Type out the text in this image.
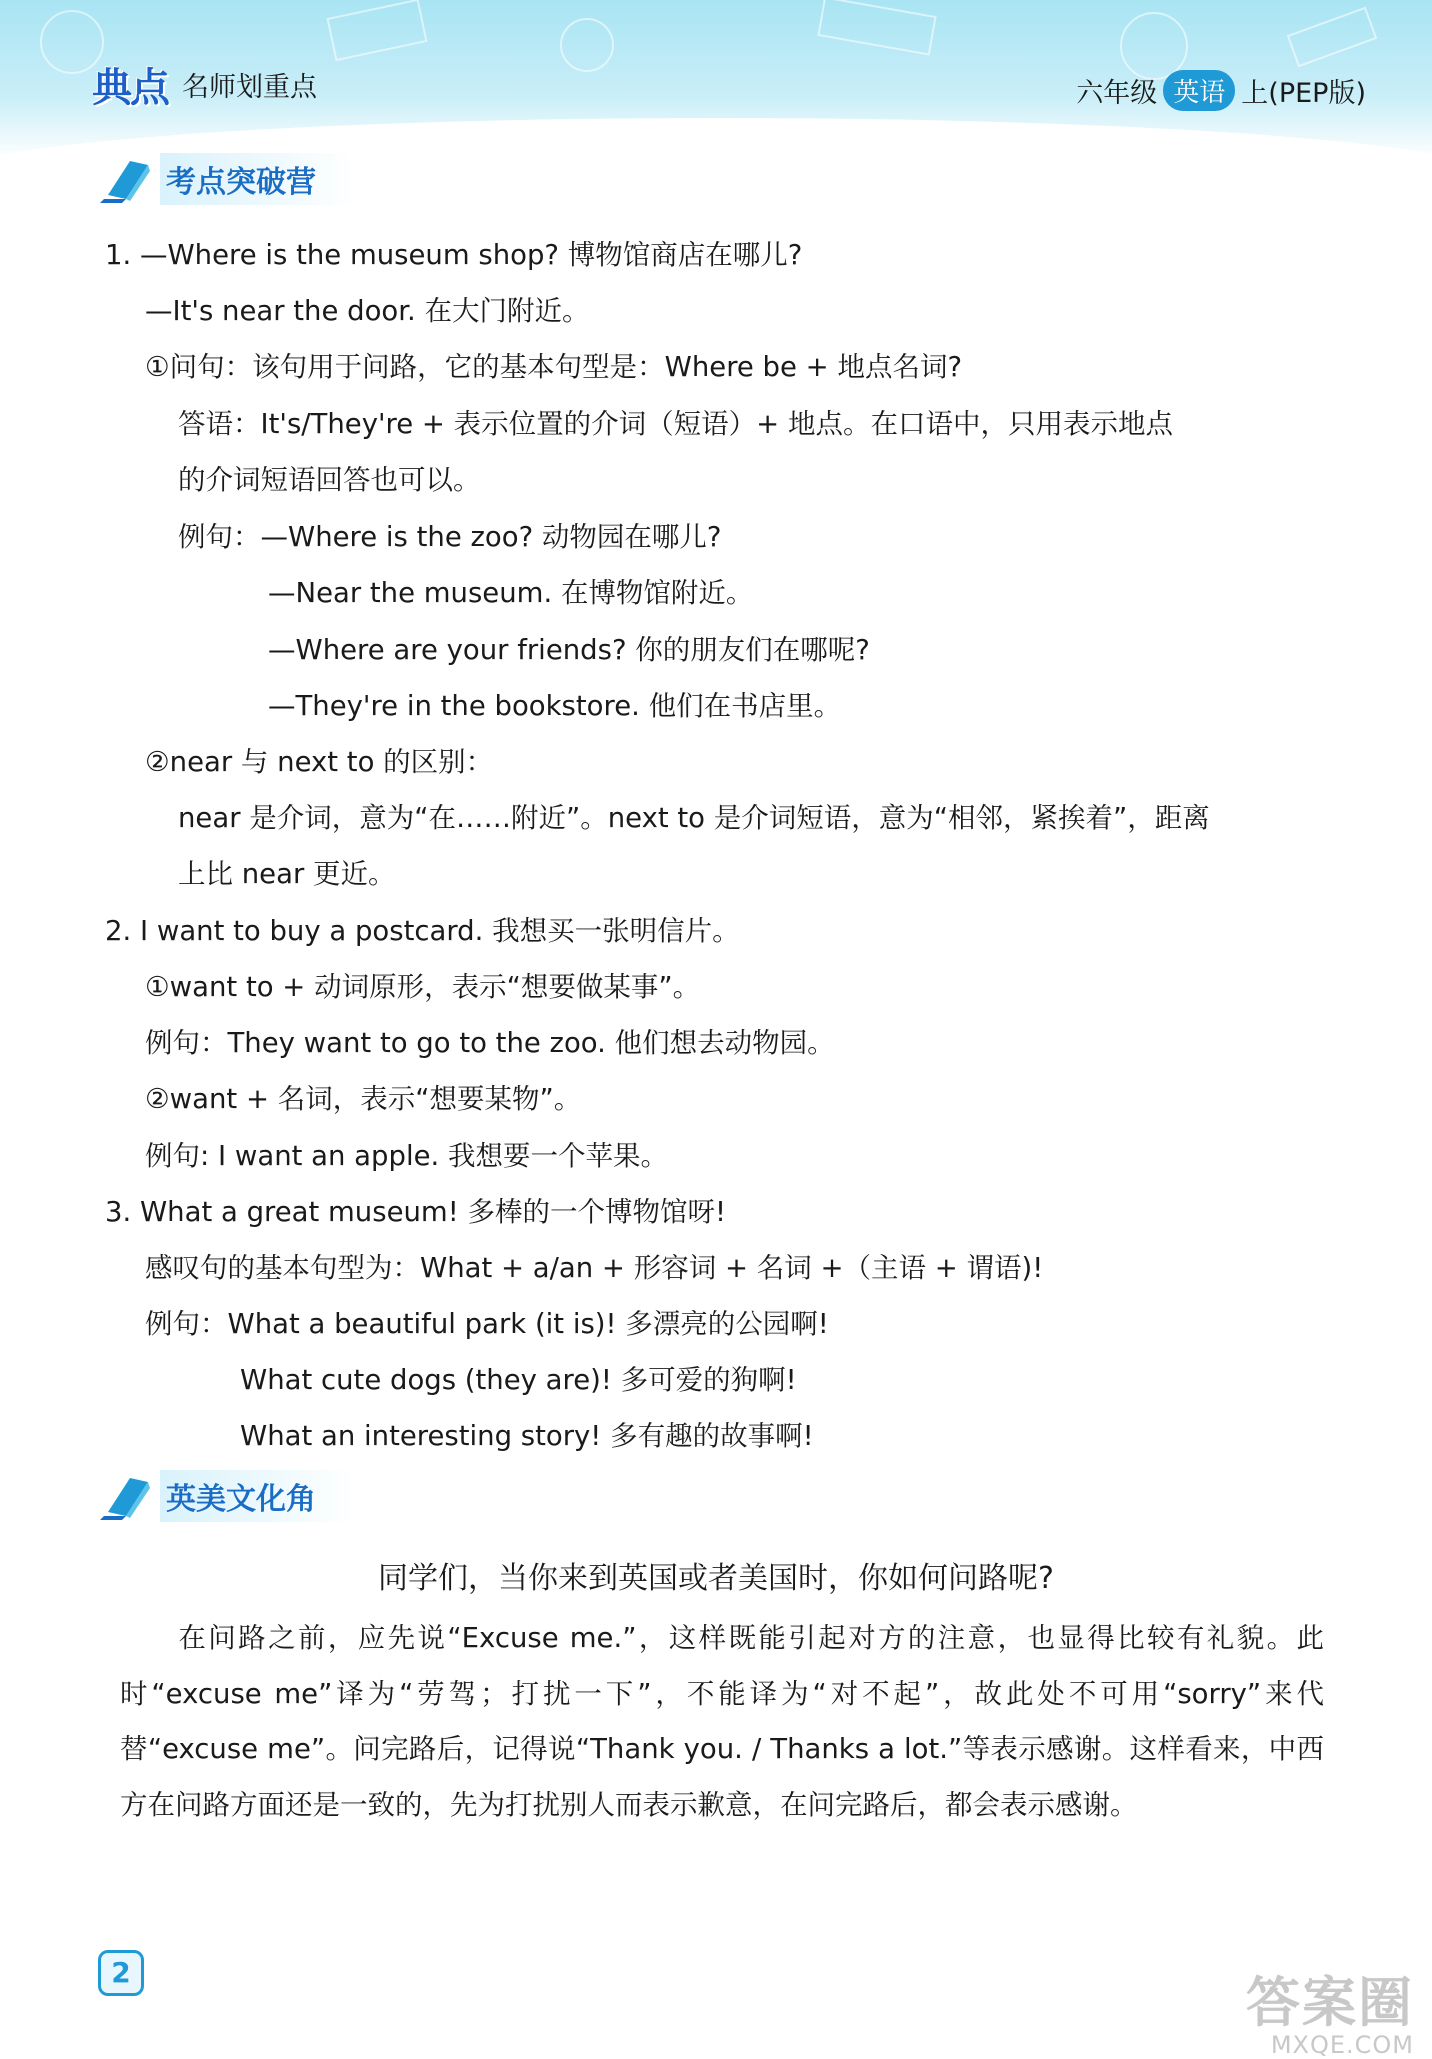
典点 名师划重点	六年级 英语 上(PEP版)
考点突破营
1. —Where is the museum shop? 博物馆商店在哪儿?
—It's near the door. 在大门附近。
①问句：该句用于问路，它的基本句型是：Where be + 地点名词?
答语：It's/They're + 表示位置的介词（短语）+ 地点。在口语中，只用表示地点
的介词短语回答也可以。
例句：—Where is the zoo? 动物园在哪儿?
—Near the museum. 在博物馆附近。
—Where are your friends? 你的朋友们在哪呢?
—They're in the bookstore. 他们在书店里。
②near 与 next to 的区别：
near 是介词，意为“在……附近”。next to 是介词短语，意为“相邻，紧挨着”，距离
上比 near 更近。
2. I want to buy a postcard. 我想买一张明信片。
①want to + 动词原形，表示“想要做某事”。
例句：They want to go to the zoo. 他们想去动物园。
②want + 名词，表示“想要某物”。
例句: I want an apple. 我想要一个苹果。
3. What a great museum! 多棒的一个博物馆呀!
感叹句的基本句型为：What + a/an + 形容词 + 名词 +（主语 + 谓语)!
例句：What a beautiful park (it is)! 多漂亮的公园啊!
What cute dogs (they are)! 多可爱的狗啊!
What an interesting story! 多有趣的故事啊!
英美文化角
同学们，当你来到英国或者美国时，你如何问路呢?
在问路之前，应先说“Excuse me.”，这样既能引起对方的注意，也显得比较有礼貌。此时“excuse me”译为“劳驾；打扰一下”，不能译为“对不起”，故此处不可用“sorry”来代替“excuse me”。问完路后，记得说“Thank you. / Thanks a lot.”等表示感谢。这样看来，中西方在问路方面还是一致的，先为打扰别人而表示歉意，在问完路后，都会表示感谢。
2	答案圈
MXQE.COM
